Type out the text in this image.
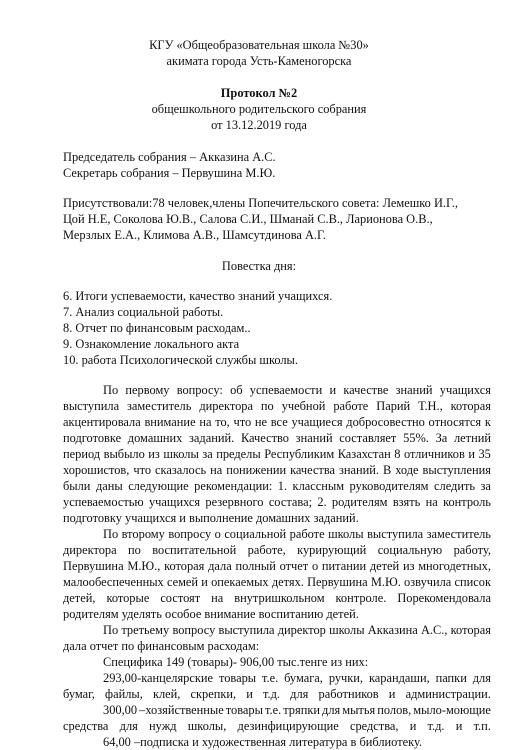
КГУ «Общеобразовательная школа №30»
акимата города Усть-Каменогорска
Протокол №2
общешкольного родительского собрания
от 13.12.2019 года
Председатель собрания – Акказина А.С.
Секретарь собрания – Первушина М.Ю.
Присутствовали:78 человек,члены Попечительского совета: Лемешко И.Г.,
Цой Н.Е, Соколова Ю.В., Салова С.И., Шманай С.В., Ларионова О.В.,
Мерзлых Е.А., Климова А.В., Шамсутдинова А.Г.
Повестка дня:
6. Итоги успеваемости, качество знаний учащихся.
7. Анализ социальной работы.
8. Отчет по финансовым расходам..
9. Ознакомление локального акта
10. работа Психологической службы школы.
По первому вопросу: об успеваемости и качестве знаний учащихся
выступила заместитель директора по учебной работе Парий Т.Н., которая
акцентировала внимание на то, что не все учащиеся добросовестно относятся к
подготовке домашних заданий. Качество знаний составляет 55%. За летний
период выбыло из школы за пределы Республиким Казахстан 8 отличников и 35
хорошистов, что сказалось на понижении качества знаний. В ходе выступления
были даны следующие рекомендации: 1. классным руководителям следить за
успеваемостью учащихся резервного состава; 2. родителям взять на контроль
подготовку учащихся и выполнение домашних заданий.
По второму вопросу о социальной работе школы выступила заместитель
директора по воспитательной работе, курирующий социальную работу,
Первушина М.Ю., которая дала полный отчет о питании детей из многодетных,
малообеспеченных семей и опекаемых детях. Первушина М.Ю. озвучила список
детей, которые состоят на внутришкольном контроле. Порекомендовала
родителям уделять особое внимание воспитанию детей.
По третьему вопросу выступила директор школы Акказина А.С., которая
дала отчет по финансовым расходам:
Специфика 149 (товары)- 906,00 тыс.тенге из них:
293,00-канцелярские товары т.е. бумага, ручки, карандаши, папки для
бумаг, файлы, клей, скрепки, и т.д. для работников и администрации.
300,00 –хозяйственные товары т.е. тряпки для мытья полов, мыло-моющие
средства для нужд школы, дезинфицирующие средства, и т.д. и т.п.
64,00 –подписка и художественная литература в библиотеку.
